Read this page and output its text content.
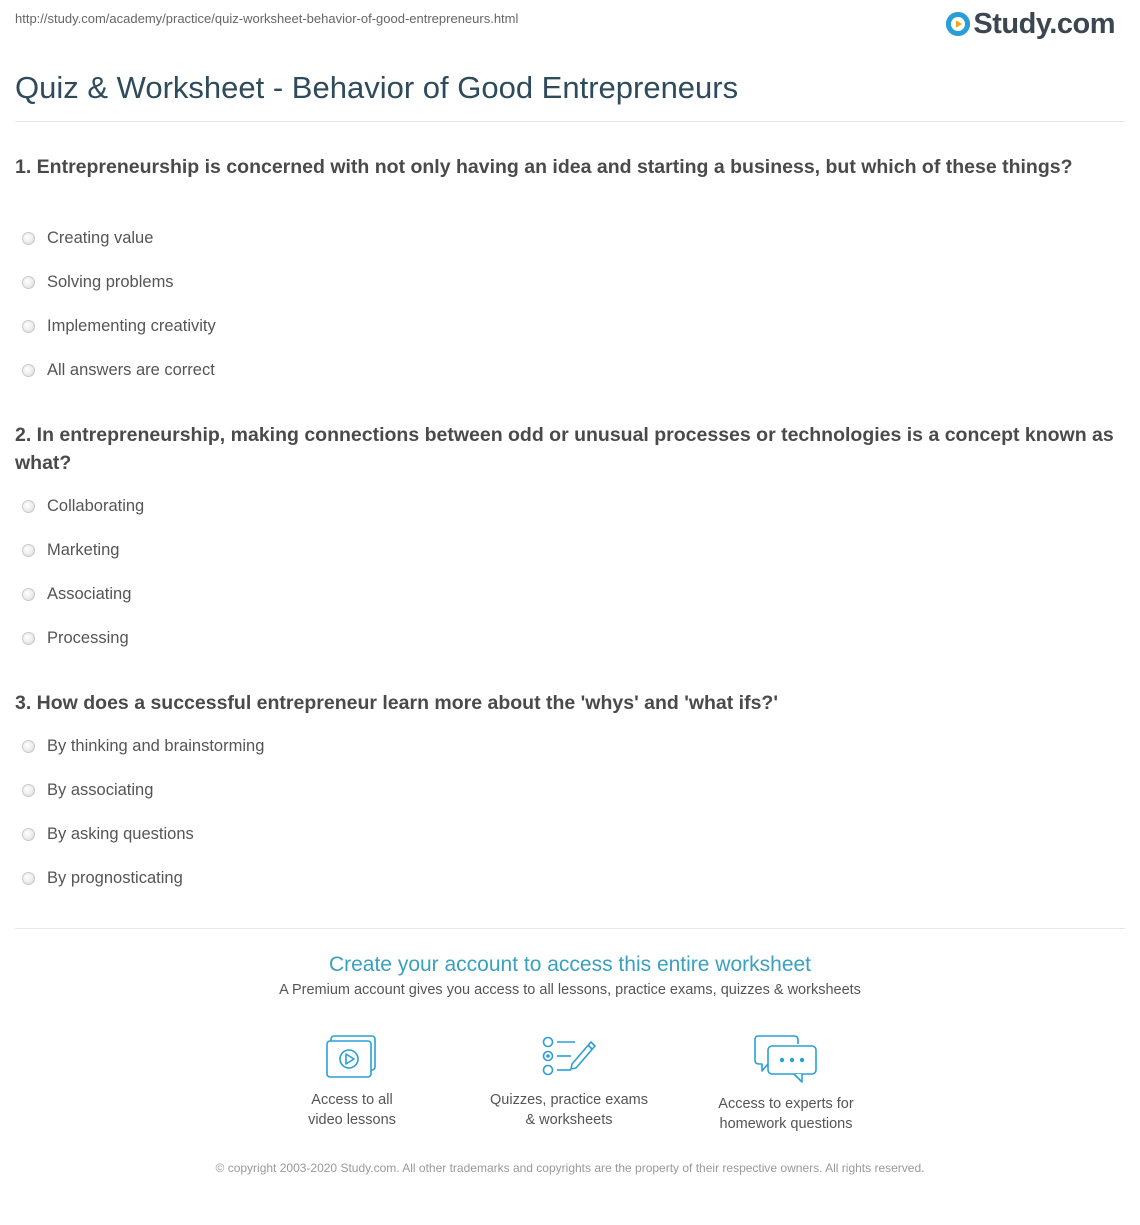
http://study.com/academy/practice/quiz-worksheet-behavior-of-good-entrepreneurs.html	Study.com
Quiz & Worksheet - Behavior of Good Entrepreneurs
1. Entrepreneurship is concerned with not only having an idea and starting a business, but which of these things?
Creating value
Solving problems
Implementing creativity
All answers are correct
2. In entrepreneurship, making connections between odd or unusual processes or technologies is a concept known as what?
Collaborating
Marketing
Associating
Processing
3. How does a successful entrepreneur learn more about the 'whys' and 'what ifs?'
By thinking and brainstorming
By associating
By asking questions
By prognosticating
Create your account to access this entire worksheet
A Premium account gives you access to all lessons, practice exams, quizzes & worksheets
Access to all
video lessons
Quizzes, practice exams
& worksheets
Access to experts for
homework questions
© copyright 2003-2020 Study.com. All other trademarks and copyrights are the property of their respective owners. All rights reserved.
